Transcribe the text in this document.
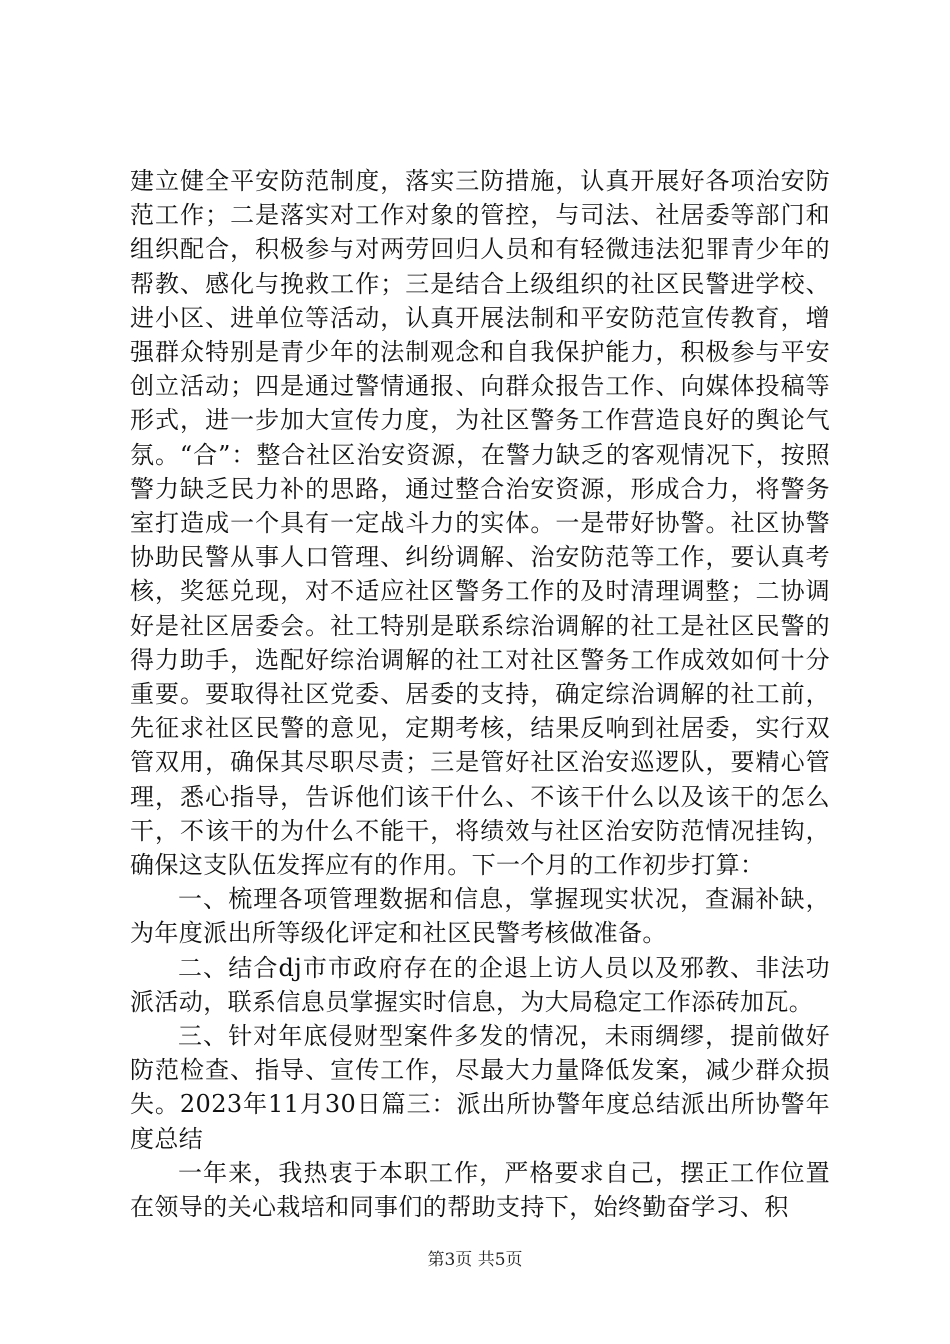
建立健全平安防范制度，落实三防措施，认真开展好各项治安防范工作；二是落实对工作对象的管控，与司法、社居委等部门和组织配合，积极参与对两劳回归人员和有轻微违法犯罪青少年的帮教、感化与挽救工作；三是结合上级组织的社区民警进学校、进小区、进单位等活动，认真开展法制和平安防范宣传教育，增强群众特别是青少年的法制观念和自我保护能力，积极参与平安创立活动；四是通过警情通报、向群众报告工作、向媒体投稿等形式，进一步加大宣传力度，为社区警务工作营造良好的舆论气氛。“合”：整合社区治安资源，在警力缺乏的客观情况下，按照警力缺乏民力补的思路，通过整合治安资源，形成合力，将警务室打造成一个具有一定战斗力的实体。一是带好协警。社区协警协助民警从事人口管理、纠纷调解、治安防范等工作，要认真考核，奖惩兑现，对不适应社区警务工作的及时清理调整；二协调好是社区居委会。社工特别是联系综治调解的社工是社区民警的得力助手，选配好综治调解的社工对社区警务工作成效如何十分重要。要取得社区党委、居委的支持，确定综治调解的社工前，先征求社区民警的意见，定期考核，结果反响到社居委，实行双管双用，确保其尽职尽责；三是管好社区治安巡逻队，要精心管理，悉心指导，告诉他们该干什么、不该干什么以及该干的怎么干，不该干的为什么不能干，将绩效与社区治安防范情况挂钩，确保这支队伍发挥应有的作用。下一个月的工作初步打算：

一、梳理各项管理数据和信息，掌握现实状况，查漏补缺，为年度派出所等级化评定和社区民警考核做准备。

二、结合dj市市政府存在的企退上访人员以及邪教、非法功派活动，联系信息员掌握实时信息，为大局稳定工作添砖加瓦。

三、针对年底侵财型案件多发的情况，未雨绸缪，提前做好防范检查、指导、宣传工作，尽最大力量降低发案，减少群众损失。2023年11月30日篇三：派出所协警年度总结派出所协警年度总结

一年来，我热衷于本职工作，严格要求自己，摆正工作位置在领导的关心栽培和同事们的帮助支持下，始终勤奋学习、积

第3页 共5页
